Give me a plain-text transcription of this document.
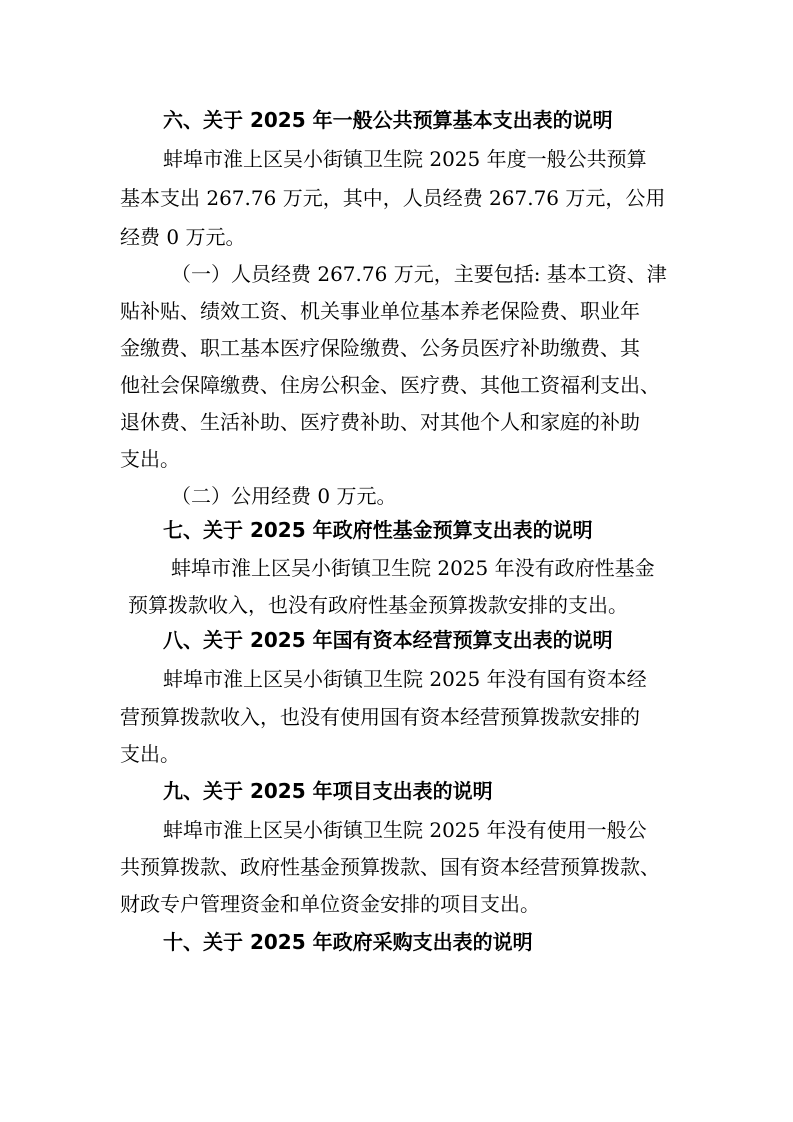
六、关于 2025 年一般公共预算基本支出表的说明
蚌埠市淮上区吴小街镇卫生院 2025 年度一般公共预算
基本支出 267.76 万元，其中，人员经费 267.76 万元，公用
经费 0 万元。
（一）人员经费 267.76 万元，主要包括: 基本工资、津
贴补贴、绩效工资、机关事业单位基本养老保险费、职业年
金缴费、职工基本医疗保险缴费、公务员医疗补助缴费、其
他社会保障缴费、住房公积金、医疗费、其他工资福利支出、
退休费、生活补助、医疗费补助、对其他个人和家庭的补助
支出。
（二）公用经费 0 万元。
七、关于 2025 年政府性基金预算支出表的说明
蚌埠市淮上区吴小街镇卫生院 2025 年没有政府性基金
预算拨款收入，也没有政府性基金预算拨款安排的支出。
八、关于 2025 年国有资本经营预算支出表的说明
蚌埠市淮上区吴小街镇卫生院 2025 年没有国有资本经
营预算拨款收入，也没有使用国有资本经营预算拨款安排的
支出。
九、关于 2025 年项目支出表的说明
蚌埠市淮上区吴小街镇卫生院 2025 年没有使用一般公
共预算拨款、政府性基金预算拨款、国有资本经营预算拨款、
财政专户管理资金和单位资金安排的项目支出。
十、关于 2025 年政府采购支出表的说明
